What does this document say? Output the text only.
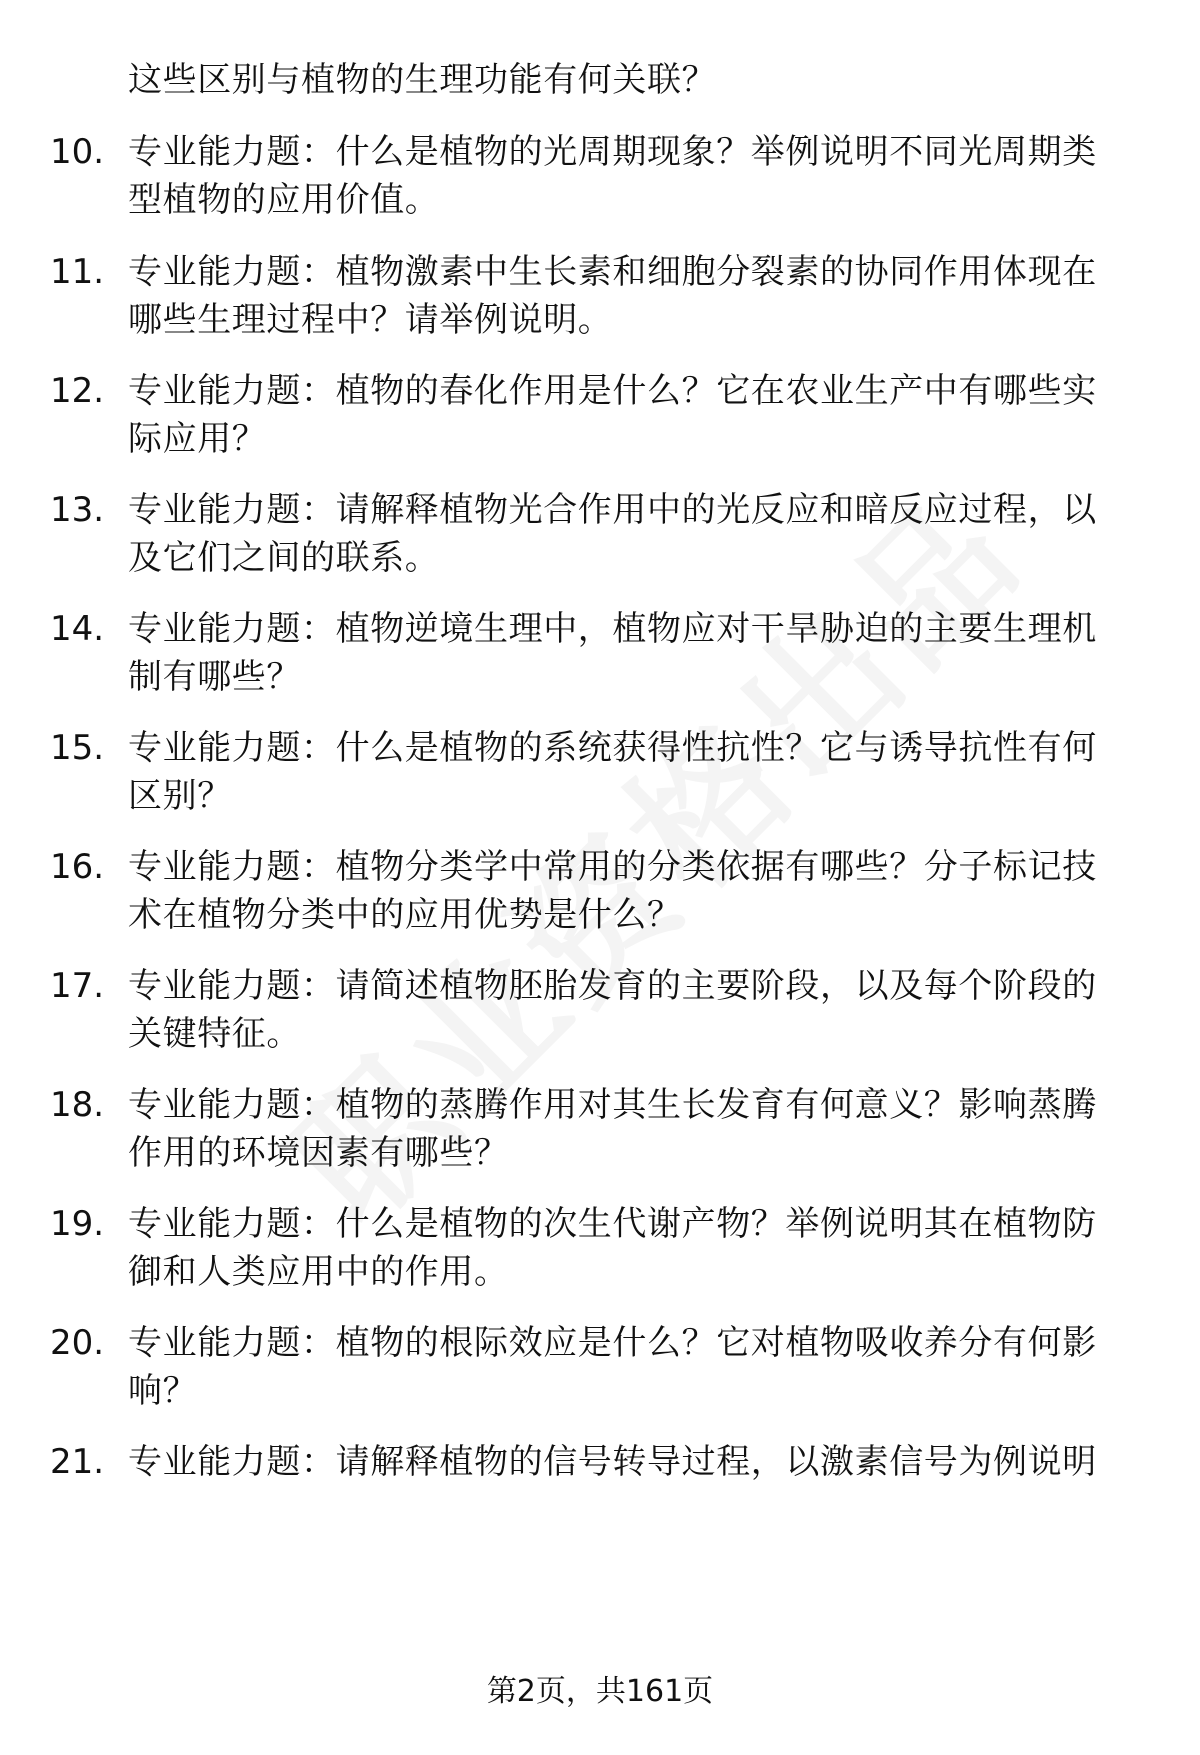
这些区别与植物的生理功能有何关联？
10. 专业能力题：什么是植物的光周期现象？举例说明不同光周期类
型植物的应用价值。
11. 专业能力题：植物激素中生长素和细胞分裂素的协同作用体现在
哪些生理过程中？请举例说明。
12. 专业能力题：植物的春化作用是什么？它在农业生产中有哪些实
际应用？
13. 专业能力题：请解释植物光合作用中的光反应和暗反应过程，以
及它们之间的联系。
14. 专业能力题：植物逆境生理中，植物应对干旱胁迫的主要生理机
制有哪些？
15. 专业能力题：什么是植物的系统获得性抗性？它与诱导抗性有何
区别？
16. 专业能力题：植物分类学中常用的分类依据有哪些？分子标记技
术在植物分类中的应用优势是什么？
17. 专业能力题：请简述植物胚胎发育的主要阶段，以及每个阶段的
关键特征。
18. 专业能力题：植物的蒸腾作用对其生长发育有何意义？影响蒸腾
作用的环境因素有哪些？
19. 专业能力题：什么是植物的次生代谢产物？举例说明其在植物防
御和人类应用中的作用。
20. 专业能力题：植物的根际效应是什么？它对植物吸收养分有何影
响？
21. 专业能力题：请解释植物的信号转导过程，以激素信号为例说明
第2页，共161页
